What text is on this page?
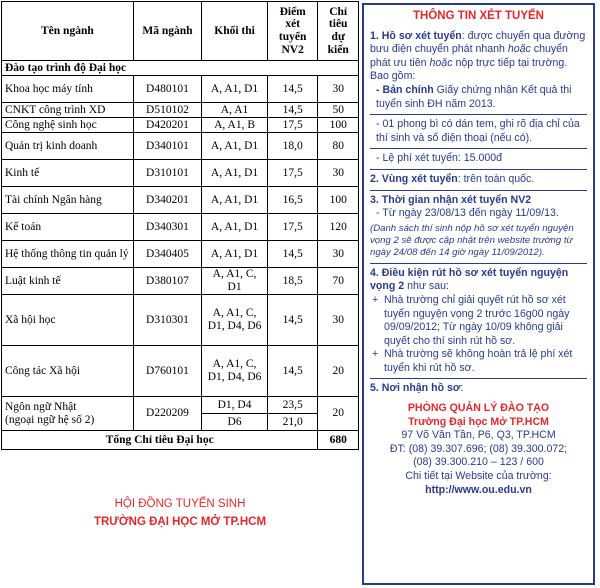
Tên ngành	Mã ngành	Khối thi	Điểm xét tuyển NV2	Chỉ tiêu dự kiến
Đào tạo trình độ Đại học				
Khoa học máy tính	D480101	A, A1, D1	14,5	30
CNKT công trình XD	D510102	A, A1	14,5	50
Công nghệ sinh học	D420201	A, A1, B	17,5	100
Quản trị kinh doanh	D340101	A, A1, D1	18,0	80
Kinh tế	D310101	A, A1, D1	17,5	30
Tài chính Ngân hàng	D340201	A, A1, D1	16,5	100
Kế toán	D340301	A, A1, D1	17,5	120
Hệ thống thông tin quản lý	D340405	A, A1, D1	14,5	30
Luật kinh tế	D380107	A, A1, C, D1	18,5	70
Xã hội học	D310301	A, A1, C, D1, D4, D6	14,5	30
Công tác Xã hội	D760101	A, A1, C, D1, D4, D6	14,5	20

Ngôn ngữ Nhật
(ngoại ngữ hệ số 2)	D220209	D1, D4	23,5	20
		D6	21,0	
Tổng Chỉ tiêu Đại học				680
HỘI ĐỒNG TUYỂN SINH
TRƯỜNG ĐẠI HỌC MỞ TP.HCM
THÔNG TIN XÉT TUYỂN

1. Hồ sơ xét tuyển: được chuyển qua đường bưu điện chuyển phát nhanh hoặc chuyển phát ưu tiên hoặc nộp trực tiếp tại trường. Bao gồm:

- Bản chính Giấy chứng nhận Kết quả thi tuyển sinh ĐH năm 2013.

- 01 phong bì có dán tem, ghi rõ địa chỉ của thí sinh và số điện thoại (nếu có).

- Lệ phí xét tuyển: 15.000đ

2. Vùng xét tuyển: trên toàn quốc.

3. Thời gian nhận xét tuyển NV2

- Từ ngày 23/08/13 đến ngày 11/09/13.

(Danh sách thí sinh nộp hồ sơ xét tuyển nguyện vọng 2 sẽ được cập nhật trên website trường từ ngày 24/08 đến 14 giờ ngày 11/09/2012).

4. Điều kiện rút hồ sơ xét tuyển nguyện vọng 2 như sau:

+ Nhà trường chỉ giải quyết rút hồ sơ xét tuyển nguyện vọng 2 trước 16g00 ngày 09/09/2012; Từ ngày 10/09 không giải quyết cho thí sinh rút hồ sơ.
+ Nhà trường sẽ không hoàn trả lệ phí xét tuyển khi rút hồ sơ.

5. Nơi nhận hồ sơ:

PHÒNG QUẢN LÝ ĐÀO TẠO
Trường Đại học Mở TP.HCM
97 Võ Văn Tần, P6, Q3, TP.HCM
ĐT: (08) 39.307.696; (08) 39.300.072;
(08) 39.300.210 – 123 / 600
Chi tiết tại Website của trường:
http://www.ou.edu.vn
